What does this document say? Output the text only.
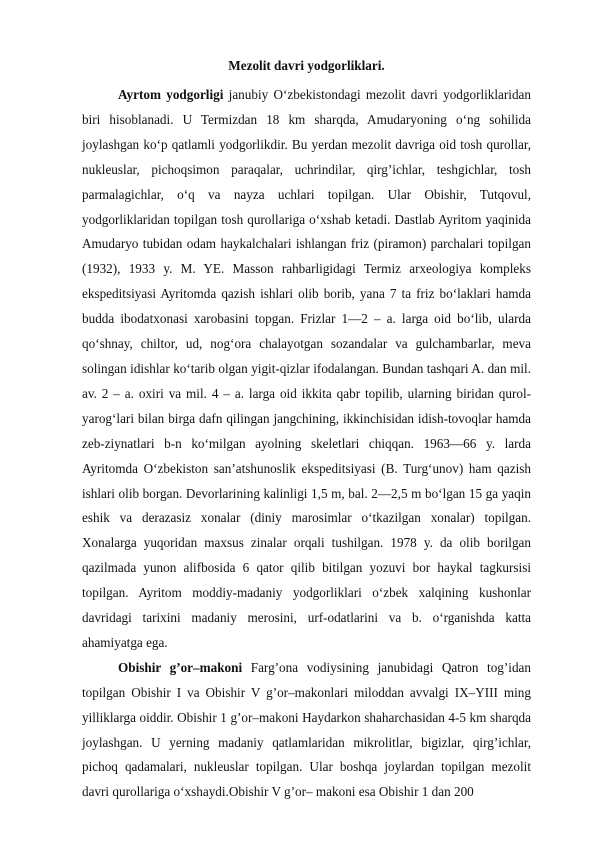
Mezolit davri yodgorliklari.

Ayrtom yodgorligi janubiy O‘zbekistondagi mezolit davri yodgorliklaridan biri hisoblanadi. U Termizdan 18 km sharqda, Amudaryoning o‘ng sohilida joylashgan ko‘p qatlamli yodgorlikdir. Bu yerdan mezolit davriga oid tosh qurollar, nukleuslar, pichoqsimon paraqalar, uchrindilar, qirg’ichlar, teshgichlar, tosh parmalagichlar, o‘q va nayza uchlari topilgan. Ular Obishir, Tutqovul, yodgorliklaridan topilgan tosh qurollariga o‘xshab ketadi. Dastlab Ayritom yaqinida Amudaryo tubidan odam haykalchalari ishlangan friz (piramon) parchalari topilgan (1932), 1933 y. M. YE. Masson rahbarligidagi Termiz arxeologiya kompleks ekspeditsiyasi Ayritomda qazish ishlari olib borib, yana 7 ta friz bo‘laklari hamda budda ibodatxonasi xarobasini topgan. Frizlar 1—2 – a. larga oid bo‘lib, ularda qo‘shnay, chiltor, ud, nog‘ora chalayotgan sozandalar va gulchambarlar, meva solingan idishlar ko‘tarib olgan yigit-qizlar ifodalangan. Bundan tashqari A. dan mil. av. 2 – a. oxiri va mil. 4 – a. larga oid ikkita qabr topilib, ularning biridan qurol-yarog‘lari bilan birga dafn qilingan jangchining, ikkinchisidan idish-tovoqlar hamda zeb-ziynatlari b-n ko‘milgan ayolning skeletlari chiqqan. 1963—66 y. larda Ayritomda O‘zbekiston san’atshunoslik ekspeditsiyasi (B. Turg‘unov) ham qazish ishlari olib borgan. Devorlarining kalinligi 1,5 m, bal. 2—2,5 m bo‘lgan 15 ga yaqin eshik va derazasiz xonalar (diniy marosimlar o‘tkazilgan xonalar) topilgan. Xonalarga yuqoridan maxsus zinalar orqali tushilgan. 1978 y. da olib borilgan qazilmada yunon alifbosida 6 qator qilib bitilgan yozuvi bor haykal tagkursisi topilgan. Ayritom moddiy-madaniy yodgorliklari o‘zbek xalqining kushonlar davridagi tarixini madaniy merosini, urf-odatlarini va b. o‘rganishda katta ahamiyatga ega.

Obishir g’or–makoni Farg’ona vodiysining janubidagi Qatron tog’idan topilgan Obishir I va Obishir V g’or–makonlari miloddan avvalgi IX–YIII ming yilliklarga oiddir. Obishir 1 g’or–makoni Haydarkon shaharchasidan 4-5 km sharqda joylashgan. U yerning madaniy qatlamlaridan mikrolitlar, bigizlar, qirg’ichlar, pichoq qadamalari, nukleuslar topilgan. Ular boshqa joylardan topilgan mezolit davri qurollariga o‘xshaydi.Obishir V g’or– makoni esa Obishir 1 dan 200
